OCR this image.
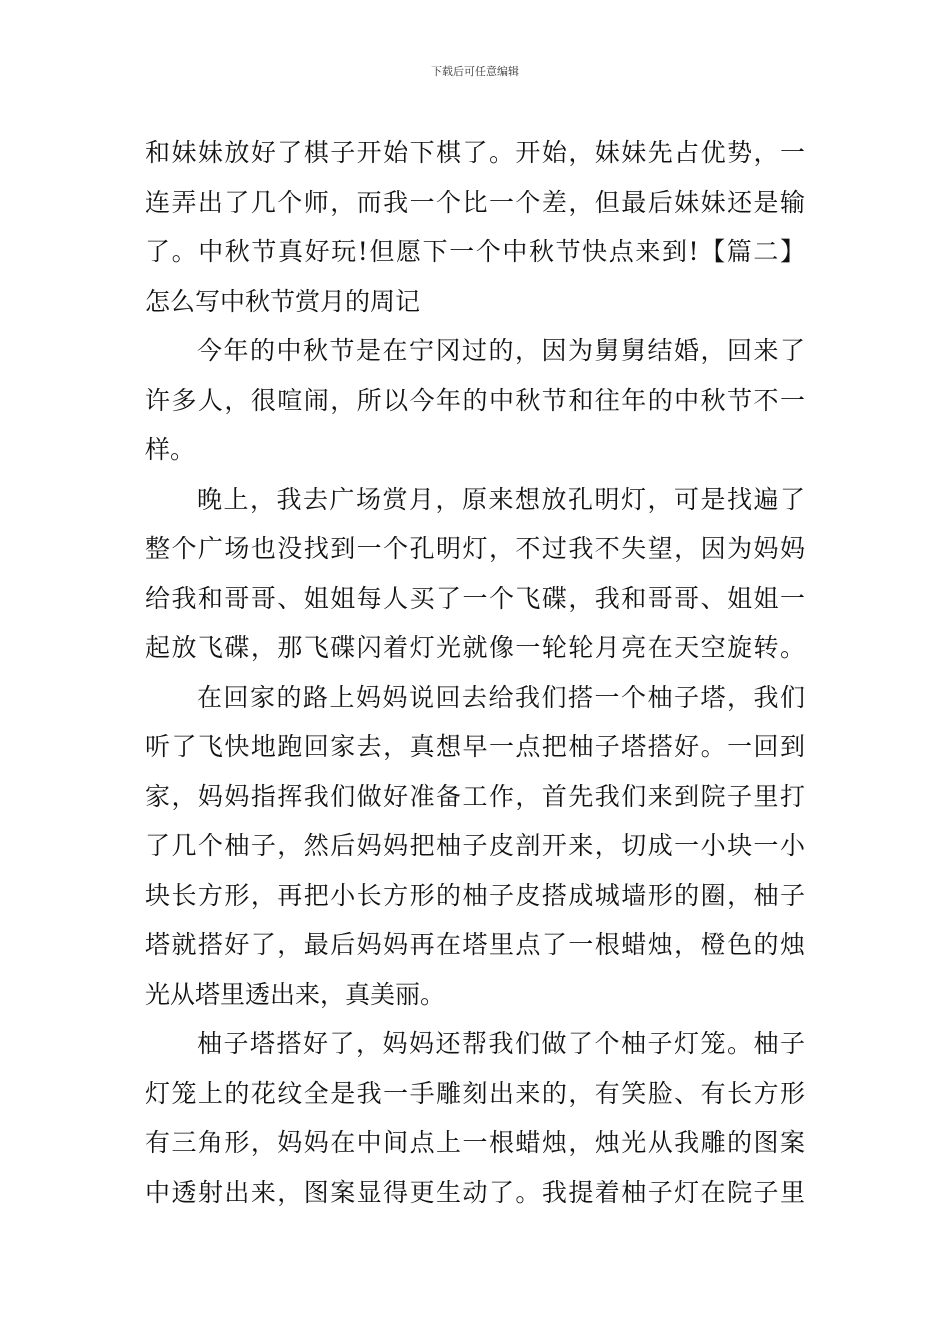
下载后可任意编辑
和妹妹放好了棋子开始下棋了。开始，妹妹先占优势，一
连弄出了几个师，而我一个比一个差，但最后妹妹还是输
了。中秋节真好玩!但愿下一个中秋节快点来到!【篇二】
怎么写中秋节赏月的周记
今年的中秋节是在宁冈过的，因为舅舅结婚，回来了
许多人，很喧闹，所以今年的中秋节和往年的中秋节不一
样。
晚上，我去广场赏月，原来想放孔明灯，可是找遍了
整个广场也没找到一个孔明灯，不过我不失望，因为妈妈
给我和哥哥、姐姐每人买了一个飞碟，我和哥哥、姐姐一
起放飞碟，那飞碟闪着灯光就像一轮轮月亮在天空旋转。
在回家的路上妈妈说回去给我们搭一个柚子塔，我们
听了飞快地跑回家去，真想早一点把柚子塔搭好。一回到
家，妈妈指挥我们做好准备工作，首先我们来到院子里打
了几个柚子，然后妈妈把柚子皮剖开来，切成一小块一小
块长方形，再把小长方形的柚子皮搭成城墙形的圈，柚子
塔就搭好了，最后妈妈再在塔里点了一根蜡烛，橙色的烛
光从塔里透出来，真美丽。
柚子塔搭好了，妈妈还帮我们做了个柚子灯笼。柚子
灯笼上的花纹全是我一手雕刻出来的，有笑脸、有长方形
有三角形，妈妈在中间点上一根蜡烛，烛光从我雕的图案
中透射出来，图案显得更生动了。我提着柚子灯在院子里
